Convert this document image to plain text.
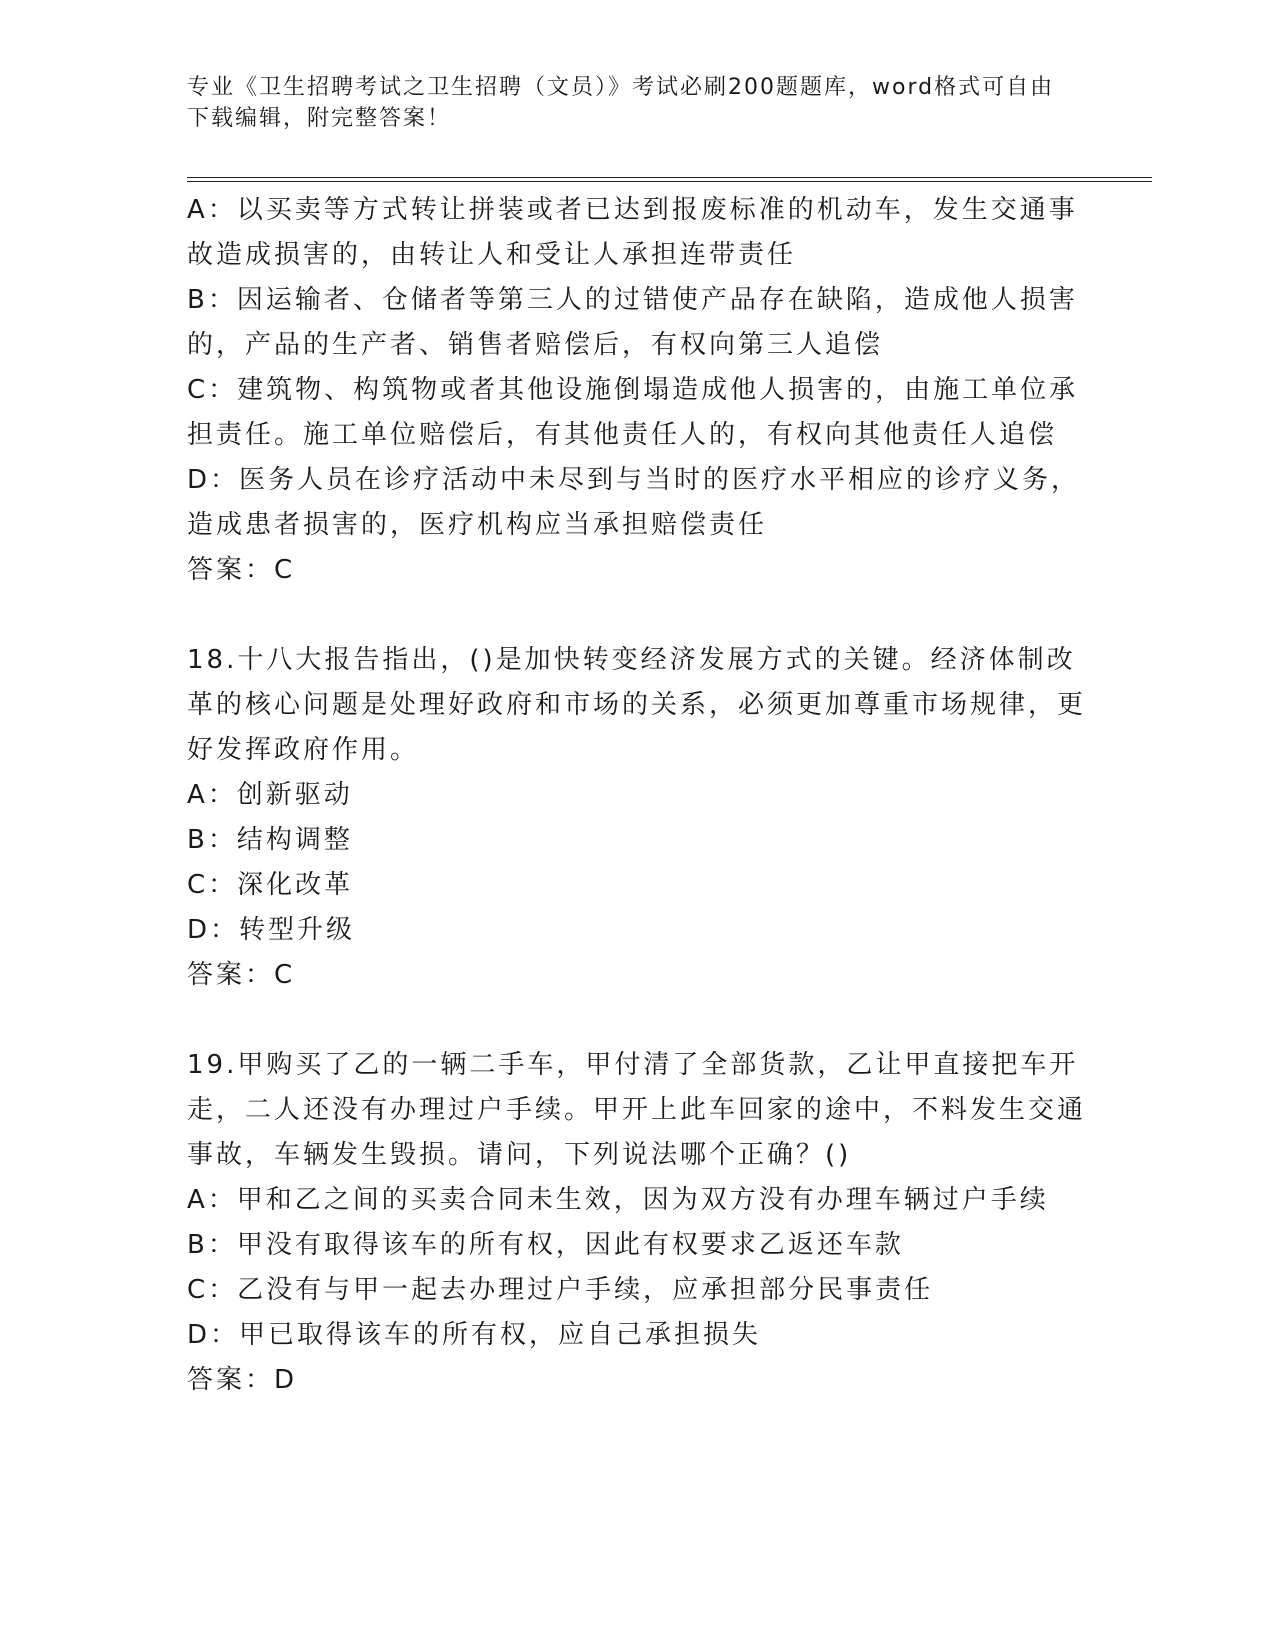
专业《卫生招聘考试之卫生招聘（文员）》考试必刷200题题库，word格式可自由下载编辑，附完整答案！

A：以买卖等方式转让拼装或者已达到报废标准的机动车，发生交通事故造成损害的，由转让人和受让人承担连带责任

B：因运输者、仓储者等第三人的过错使产品存在缺陷，造成他人损害的，产品的生产者、销售者赔偿后，有权向第三人追偿

C：建筑物、构筑物或者其他设施倒塌造成他人损害的，由施工单位承担责任。施工单位赔偿后，有其他责任人的，有权向其他责任人追偿

D：医务人员在诊疗活动中未尽到与当时的医疗水平相应的诊疗义务，造成患者损害的，医疗机构应当承担赔偿责任

答案：C

18.十八大报告指出，()是加快转变经济发展方式的关键。经济体制改革的核心问题是处理好政府和市场的关系，必须更加尊重市场规律，更好发挥政府作用。

A：创新驱动

B：结构调整

C：深化改革

D：转型升级

答案：C

19.甲购买了乙的一辆二手车，甲付清了全部货款，乙让甲直接把车开走，二人还没有办理过户手续。甲开上此车回家的途中，不料发生交通事故，车辆发生毁损。请问，下列说法哪个正确？()

A：甲和乙之间的买卖合同未生效，因为双方没有办理车辆过户手续

B：甲没有取得该车的所有权，因此有权要求乙返还车款

C：乙没有与甲一起去办理过户手续，应承担部分民事责任

D：甲已取得该车的所有权，应自己承担损失

答案：D
